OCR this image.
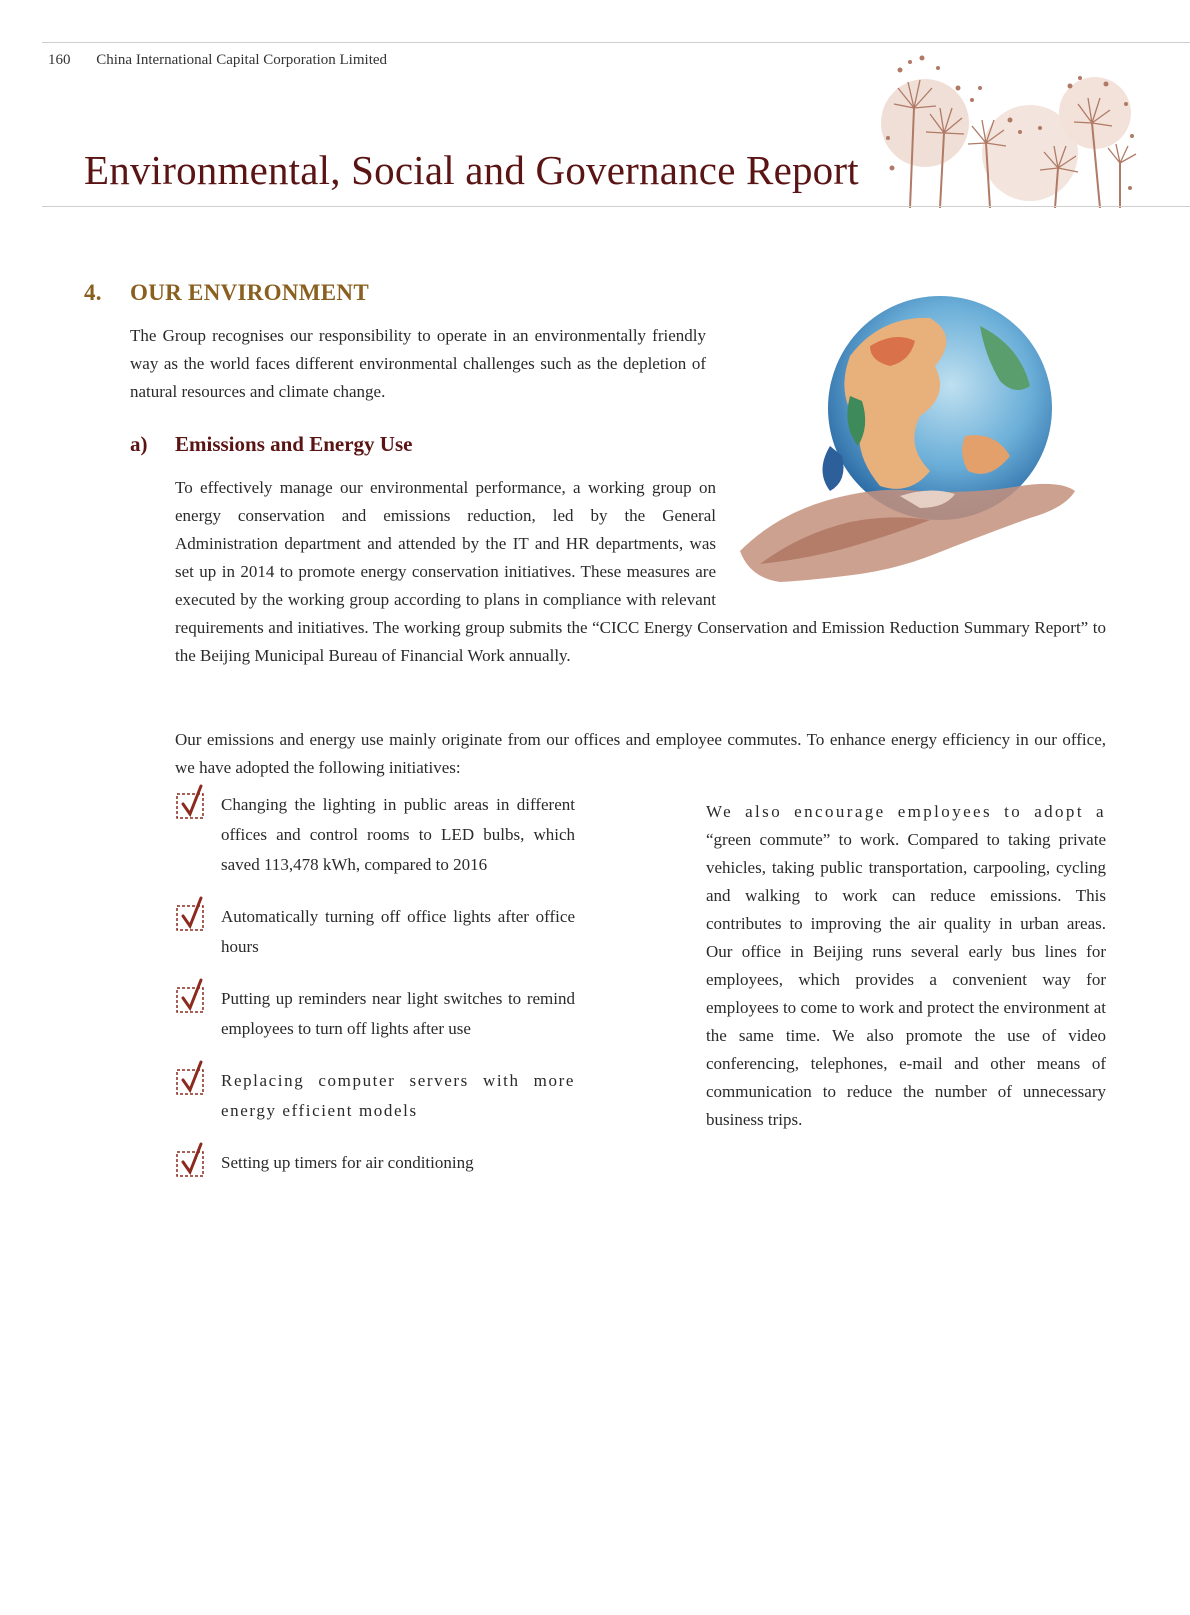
160 China International Capital Corporation Limited
Environmental, Social and Governance Report
4. OUR ENVIRONMENT

The Group recognises our responsibility to operate in an environmentally friendly way as the world faces different environmental challenges such as the depletion of natural resources and climate change.

a) Emissions and Energy Use

To effectively manage our environmental performance, a working group on energy conservation and emissions reduction, led by the General Administration department and attended by the IT and HR departments, was set up in 2014 to promote energy conservation initiatives. These measures are executed by the working group according to plans in compliance with relevant requirements and initiatives. The working group submits the “CICC Energy Conservation and Emission Reduction Summary Report” to the Beijing Municipal Bureau of Financial Work annually.

Our emissions and energy use mainly originate from our offices and employee commutes. To enhance energy efficiency in our office, we have adopted the following initiatives:

Changing the lighting in public areas in different offices and control rooms to LED bulbs, which saved 113,478 kWh, compared to 2016
Automatically turning off office lights after office hours
Putting up reminders near light switches to remind employees to turn off lights after use
Replacing computer servers with more energy efficient models
Setting up timers for air conditioning

We also encourage employees to adopt a “green commute” to work. Compared to taking private vehicles, taking public transportation, carpooling, cycling and walking to work can reduce emissions. This contributes to improving the air quality in urban areas. Our office in Beijing runs several early bus lines for employees, which provides a convenient way for employees to come to work and protect the environment at the same time. We also promote the use of video conferencing, telephones, e-mail and other means of communication to reduce the number of unnecessary business trips.
